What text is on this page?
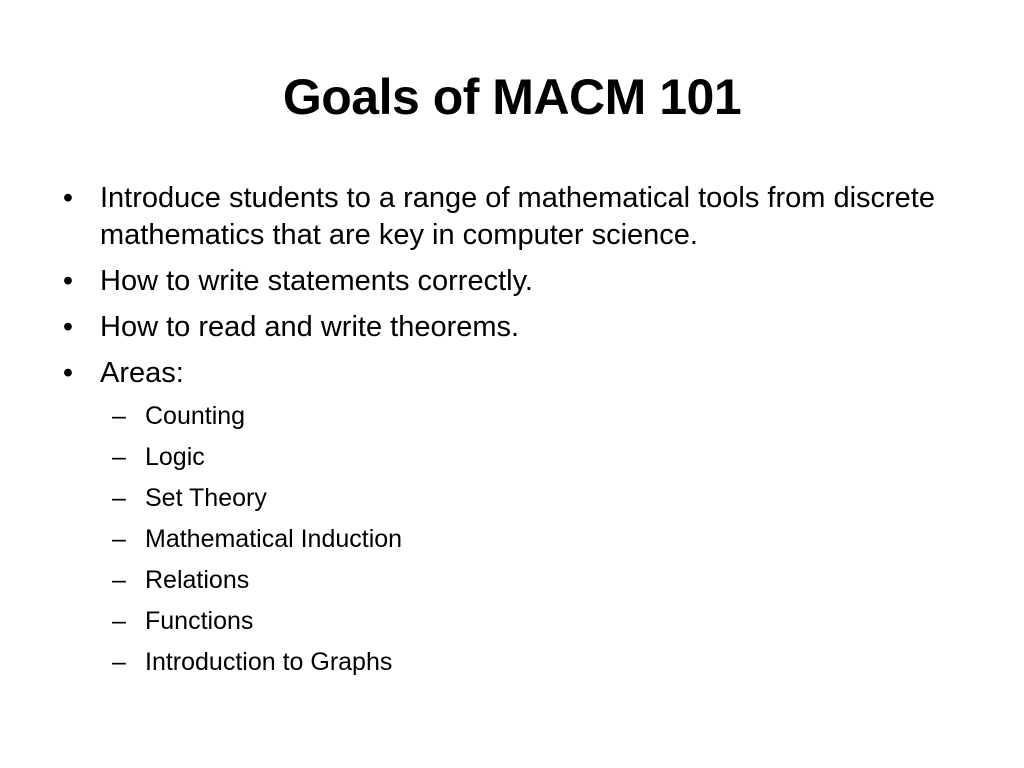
Goals of MACM 101
• Introduce students to a range of mathematical tools from discrete mathematics that are key in computer science.
• How to write statements correctly.
• How to read and write theorems.
• Areas:
– Counting
– Logic
– Set Theory
– Mathematical Induction
– Relations
– Functions
– Introduction to Graphs
